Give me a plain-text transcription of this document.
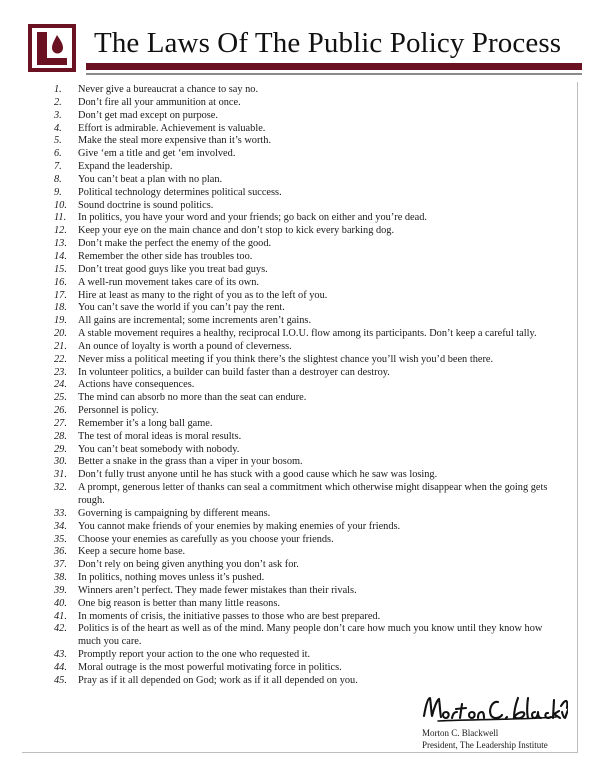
The Laws Of The Public Policy Process
1.	Never give a bureaucrat a chance to say no.
2.	Don’t fire all your ammunition at once.
3.	Don’t get mad except on purpose.
4.	Effort is admirable. Achievement is valuable.
5.	Make the steal more expensive than it’s worth.
6.	Give ‘em a title and get ‘em involved.
7.	Expand the leadership.
8.	You can’t beat a plan with no plan.
9.	Political technology determines political success.
10.	Sound doctrine is sound politics.
11.	In politics, you have your word and your friends; go back on either and you’re dead.
12.	Keep your eye on the main chance and don’t stop to kick every barking dog.
13.	Don’t make the perfect the enemy of the good.
14.	Remember the other side has troubles too.
15.	Don’t treat good guys like you treat bad guys.
16.	A well-run movement takes care of its own.
17.	Hire at least as many to the right of you as to the left of you.
18.	You can’t save the world if you can’t pay the rent.
19.	All gains are incremental; some increments aren’t gains.
20.	A stable movement requires a healthy, reciprocal I.O.U. flow among its participants. Don’t keep a careful tally.
21.	An ounce of loyalty is worth a pound of cleverness.
22.	Never miss a political meeting if you think there’s the slightest chance you’ll wish you’d been there.
23.	In volunteer politics, a builder can build faster than a destroyer can destroy.
24.	Actions have consequences.
25.	The mind can absorb no more than the seat can endure.
26.	Personnel is policy.
27.	Remember it’s a long ball game.
28.	The test of moral ideas is moral results.
29.	You can’t beat somebody with nobody.
30.	Better a snake in the grass than a viper in your bosom.
31.	Don’t fully trust anyone until he has stuck with a good cause which he saw was losing.
32.	A prompt, generous letter of thanks can seal a commitment which otherwise might disappear when the going gets rough.
33.	Governing is campaigning by different means.
34.	You cannot make friends of your enemies by making enemies of your friends.
35.	Choose your enemies as carefully as you choose your friends.
36.	Keep a secure home base.
37.	Don’t rely on being given anything you don’t ask for.
38.	In politics, nothing moves unless it’s pushed.
39.	Winners aren’t perfect. They made fewer mistakes than their rivals.
40.	One big reason is better than many little reasons.
41.	In moments of crisis, the initiative passes to those who are best prepared.
42.	Politics is of the heart as well as of the mind. Many people don’t care how much you know until they know how much you care.
43.	Promptly report your action to the one who requested it.
44.	Moral outrage is the most powerful motivating force in politics.
45.	Pray as if it all depended on God; work as if it all depended on you.
Morton C. Blackwell
President, The Leadership Institute
